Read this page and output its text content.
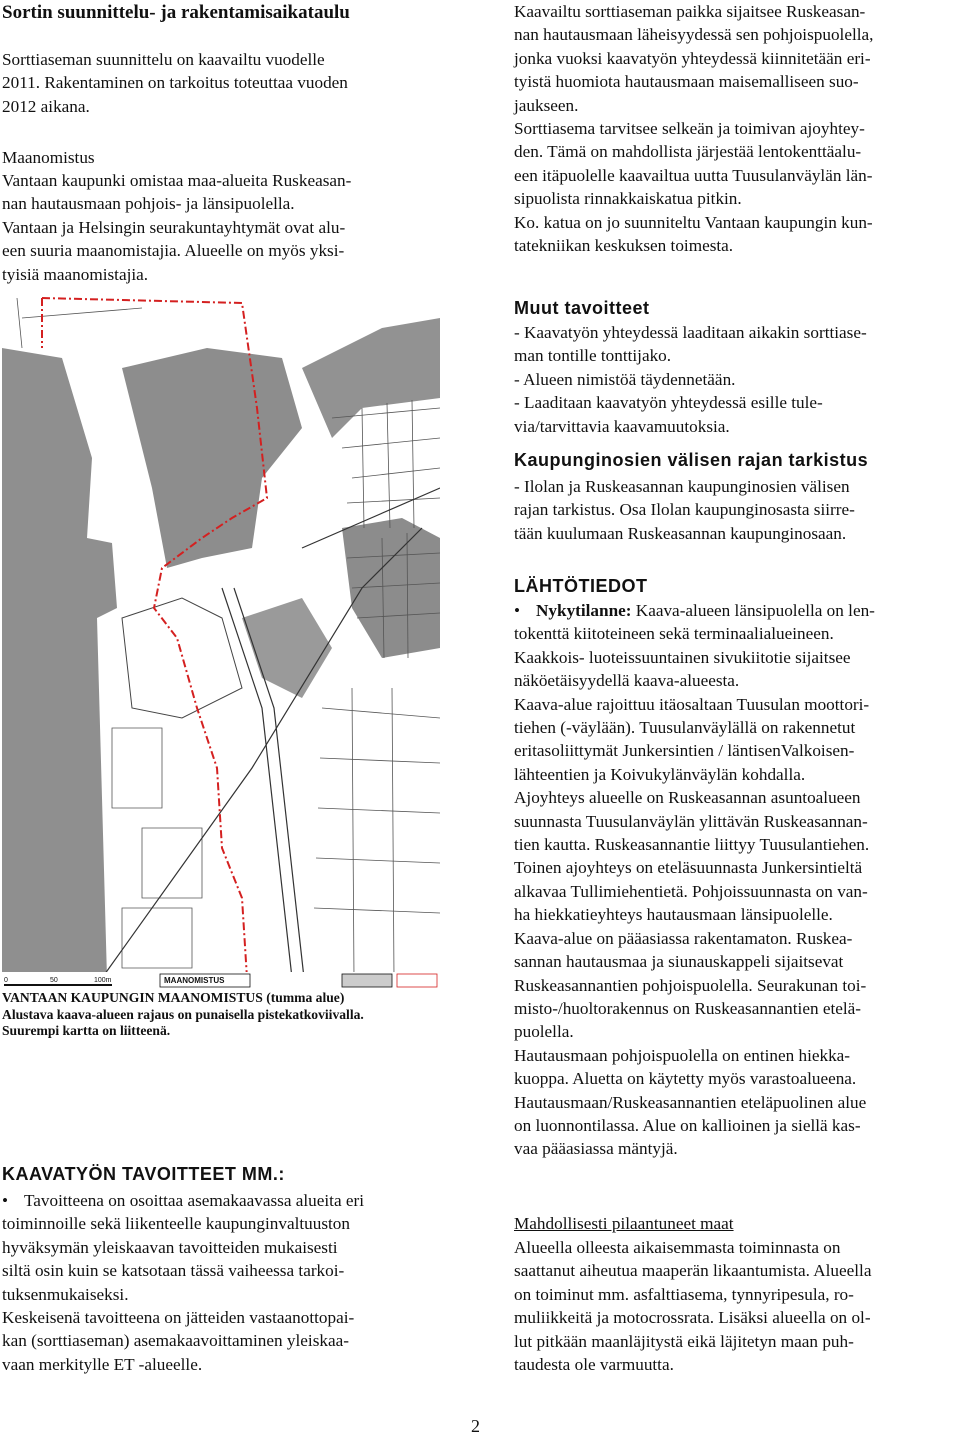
Sortin suunnittelu- ja rakentamisaikataulu

Sorttiaseman suunnittelu on kaavailtu vuodelle
2011. Rakentaminen on tarkoitus toteuttaa vuoden
2012 aikana.

Maanomistus

Vantaan kaupunki omistaa maa-alueita Ruskeasan-
nan hautausmaan pohjois- ja länsipuolella.
Vantaan ja Helsingin seurakuntayhtymät ovat alu-
een suuria maanomistajia. Alueelle on myös yksi-
tyisiä maanomistajia.

MAANOMISTUS
0	50	100m

VANTAAN KAUPUNGIN MAANOMISTUS (tumma alue)
Alustava kaava-alueen rajaus on punaisella pistekatkoviivalla.
Suurempi kartta on liitteenä.

KAAVATYÖN TAVOITTEET MM.:

• Tavoitteena on osoittaa asemakaavassa alueita eri

toiminnoille sekä liikenteelle kaupunginvaltuuston
hyväksymän yleiskaavan tavoitteiden mukaisesti
siltä osin kuin se katsotaan tässä vaiheessa tarkoi-
tuksenmukaiseksi.
Keskeisenä tavoitteena on jätteiden vastaanottopai-
kan (sorttiaseman) asemakaavoittaminen yleiskaa-
vaan merkitylle ET -alueelle.

Kaavailtu sorttiaseman paikka sijaitsee Ruskeasan-
nan hautausmaan läheisyydessä sen pohjoispuolella,
jonka vuoksi kaavatyön yhteydessä kiinnitetään eri-
tyistä huomiota hautausmaan maisemalliseen suo-
jaukseen.
Sorttiasema tarvitsee selkeän ja toimivan ajoyhtey-
den. Tämä on mahdollista järjestää lentokenttäalu-
een itäpuolelle kaavailtua uutta Tuusulanväylän län-
sipuolista rinnakkaiskatua pitkin.
Ko. katua on jo suunniteltu Vantaan kaupungin kun-
tatekniikan keskuksen toimesta.

Muut tavoitteet

- Kaavatyön yhteydessä laaditaan aikakin sorttiase-
man tontille tonttijako.
- Alueen nimistöä täydennetään.
- Laaditaan kaavatyön yhteydessä esille tule-
via/tarvittavia kaavamuutoksia.

Kaupunginosien välisen rajan tarkistus

- Ilolan ja Ruskeasannan kaupunginosien välisen
rajan tarkistus. Osa Ilolan kaupunginosasta siirre-
tään kuulumaan Ruskeasannan kaupunginosaan.

LÄHTÖTIEDOT

• Nykytilanne: Kaava-alueen länsipuolella on len-

tokenttä kiitoteineen sekä terminaalialueineen.
Kaakkois- luoteissuuntainen sivukiitotie sijaitsee
näköetäisyydellä kaava-alueesta.
Kaava-alue rajoittuu itäosaltaan Tuusulan moottori-
tiehen (-väylään). Tuusulanväylällä on rakennetut
eritasoliittymät Junkersintien / läntisenValkoisen-
lähteentien ja Koivukylänväylän kohdalla.
Ajoyhteys alueelle on Ruskeasannan asuntoalueen
suunnasta Tuusulanväylän ylittävän Ruskeasannan-
tien kautta. Ruskeasannantie liittyy Tuusulantiehen.
Toinen ajoyhteys on eteläsuunnasta Junkersintieltä
alkavaa Tullimiehentietä. Pohjoissuunnasta on van-
ha hiekkatieyhteys hautausmaan länsipuolelle.
Kaava-alue on pääasiassa rakentamaton. Ruskea-
sannan hautausmaa ja siunauskappeli sijaitsevat
Ruskeasannantien pohjoispuolella. Seurakunan toi-
misto-/huoltorakennus on Ruskeasannantien etelä-
puolella.
Hautausmaan pohjoispuolella on entinen hiekka-
kuoppa. Aluetta on käytetty myös varastoalueena.
Hautausmaan/Ruskeasannantien eteläpuolinen alue
on luonnontilassa. Alue on kallioinen ja siellä kas-
vaa pääasiassa mäntyjä.

Mahdollisesti pilaantuneet maat

Alueella olleesta aikaisemmasta toiminnasta on
saattanut aiheutua maaperän likaantumista. Alueella
on toiminut mm. asfalttiasema, tynnyripesula, ro-
muliikkeitä ja motocrossrata. Lisäksi alueella on ol-
lut pitkään maanläjitystä eikä läjitetyn maan puh-
taudesta ole varmuutta.

2
